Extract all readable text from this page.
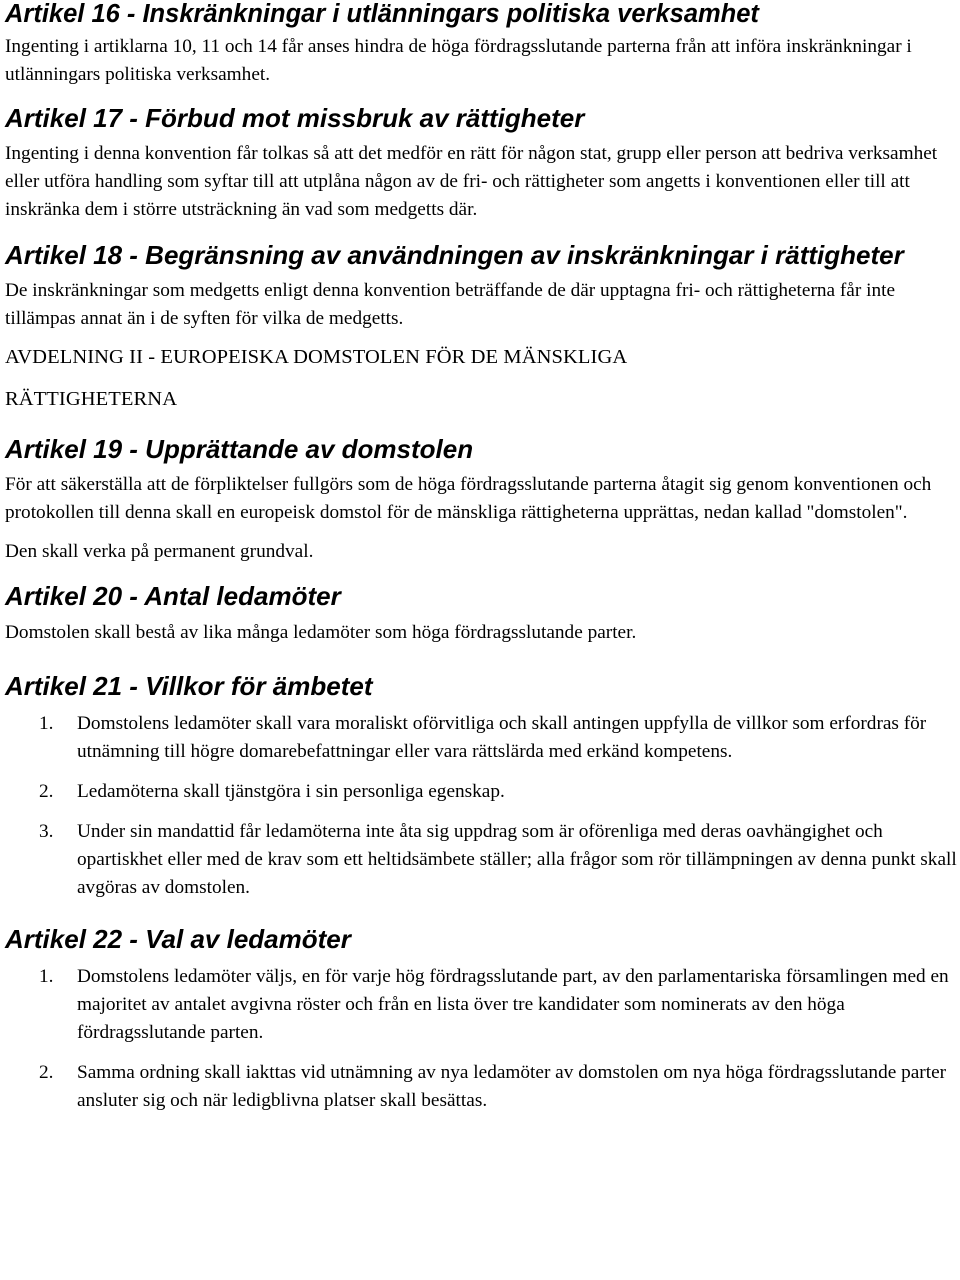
Artikel 16 - Inskränkningar i utlänningars politiska verksamhet

Ingenting i artiklarna 10, 11 och 14 får anses hindra de höga fördragsslutande parterna från att införa inskränkningar i utlänningars politiska verksamhet.

Artikel 17 - Förbud mot missbruk av rättigheter

Ingenting i denna konvention får tolkas så att det medför en rätt för någon stat, grupp eller person att bedriva verksamhet eller utföra handling som syftar till att utplåna någon av de fri- och rättigheter som angetts i konventionen eller till att inskränka dem i större utsträckning än vad som medgetts där.

Artikel 18 - Begränsning av användningen av inskränkningar i rättigheter

De inskränkningar som medgetts enligt denna konvention beträffande de där upptagna fri- och rättigheterna får inte tillämpas annat än i de syften för vilka de medgetts.

AVDELNING II - EUROPEISKA DOMSTOLEN FÖR DE MÄNSKLIGA
RÄTTIGHETERNA
Artikel 19 - Upprättande av domstolen

För att säkerställa att de förpliktelser fullgörs som de höga fördragsslutande parterna åtagit sig genom konventionen och protokollen till denna skall en europeisk domstol för de mänskliga rättigheterna upprättas, nedan kallad "domstolen".

Den skall verka på permanent grundval.

Artikel 20 - Antal ledamöter

Domstolen skall bestå av lika många ledamöter som höga fördragsslutande parter.

Artikel 21 - Villkor för ämbetet
1. Domstolens ledamöter skall vara moraliskt oförvitliga och skall antingen uppfylla de villkor som erfordras för utnämning till högre domarebefattningar eller vara rättslärda med erkänd kompetens.
2. Ledamöterna skall tjänstgöra i sin personliga egenskap.
3. Under sin mandattid får ledamöterna inte åta sig uppdrag som är oförenliga med deras oavhängighet och opartiskhet eller med de krav som ett heltidsämbete ställer; alla frågor som rör tillämpningen av denna punkt skall avgöras av domstolen.
Artikel 22 - Val av ledamöter
1. Domstolens ledamöter väljs, en för varje hög fördragsslutande part, av den parlamentariska församlingen med en majoritet av antalet avgivna röster och från en lista över tre kandidater som nominerats av den höga fördragsslutande parten.
2. Samma ordning skall iakttas vid utnämning av nya ledamöter av domstolen om nya höga fördragsslutande parter ansluter sig och när ledigblivna platser skall besättas.
